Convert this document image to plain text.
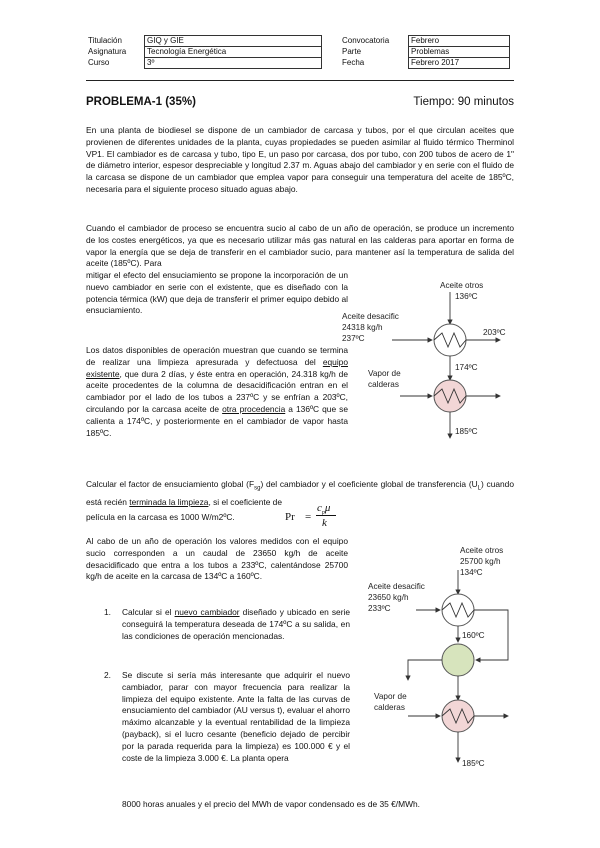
Titulación	GIQ y GIE
Asignatura	Tecnología Energética
Curso	3º
Convocatoria	Febrero
Parte	Problemas
Fecha	Febrero 2017
PROBLEMA-1 (35%)	Tiempo: 90 minutos

En una planta de biodiesel se dispone de un cambiador de carcasa y tubos, por el que circulan aceites que provienen de diferentes unidades de la planta, cuyas propiedades se pueden asimilar al fluido térmico Therminol VP1. El cambiador es de carcasa y tubo, tipo E, un paso por carcasa, dos por tubo, con 200 tubos de acero de 1" de diámetro interior, espesor despreciable y longitud 2.37 m. Aguas abajo del cambiador y en serie con el fluido de la carcasa se dispone de un cambiador que emplea vapor para conseguir una temperatura del aceite de 185ºC, necesaria para el siguiente proceso situado aguas abajo.

Cuando el cambiador de proceso se encuentra sucio al cabo de un año de operación, se produce un incremento de los costes energéticos, ya que es necesario utilizar más gas natural en las calderas para aportar en forma de vapor la energía que se deja de transferir en el cambiador sucio, para mantener así la temperatura de salida del aceite (185ºC). Para

mitigar el efecto del ensuciamiento se propone la incorporación de un nuevo cambiador en serie con el existente, que es diseñado con la potencia térmica (kW) que deja de transferir el primer equipo debido al ensuciamiento.

Los datos disponibles de operación muestran que cuando se termina de realizar una limpieza apresurada y defectuosa del equipo existente, que dura 2 días, y éste entra en operación, 24.318 kg/h de aceite procedentes de la columna de desacidificación entran en el cambiador por el lado de los tubos a 237ºC y se enfrían a 203ºC, circulando por la carcasa aceite de otra procedencia a 136ºC que se calienta a 174ºC, y posteriormente en el cambiador de vapor hasta 185ºC.

Aceite otros
136ºC
Aceite desacific
24318 kg/h
237ºC
203ºC
174ºC
Vapor de
calderas
185ºC

Calcular el factor de ensuciamiento global $(F_{sg})$ del cambiador y el coeficiente global de transferencia $(U_L)$ cuando está recién terminada la limpieza, si el coeficiente de

película en la carcasa es 1000 W/m2ºC.	Pr =
$c_p\mu$
k

Al cabo de un año de operación los valores medidos con el equipo sucio corresponden a un caudal de 23650 kg/h de aceite desacidificado que entra a los tubos a 233ºC, calentándose 25700 kg/h de aceite en la carcasa de 134ºC a 160ºC.

1. Calcular si el nuevo cambiador diseñado y ubicado en serie conseguirá la temperatura deseada de 174ºC a su salida, en las condiciones de operación mencionadas.

2. Se discute si sería más interesante que adquirir el nuevo cambiador, parar con mayor frecuencia para realizar la limpieza del equipo existente. Ante la falta de las curvas de ensuciamiento del cambiador (AU versus t), evaluar el ahorro máximo alcanzable y la eventual rentabilidad de la limpieza (payback), si el lucro cesante (beneficio dejado de percibir por la parada requerida para la limpieza) es 100.000 € y el coste de la limpieza 3.000 €. La planta opera

8000 horas anuales y el precio del MWh de vapor condensado es de 35 €/MWh.
Aceite otros
25700 kg/h
134ºC
Aceite desacific
23650 kg/h
233ºC
160ºC
Vapor de
calderas
185ºC
